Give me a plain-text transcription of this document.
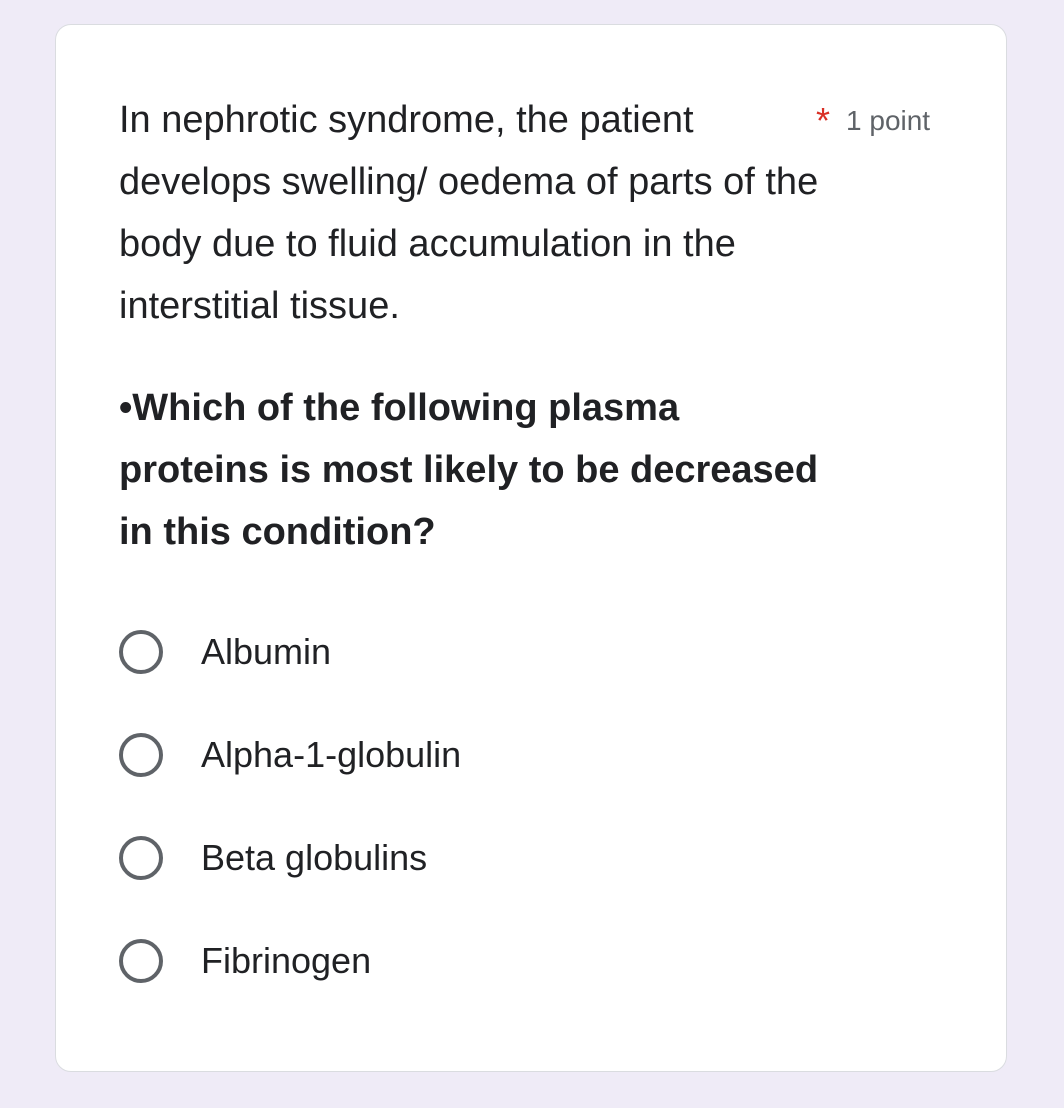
In nephrotic syndrome, the patient develops swelling/ oedema of parts of the body due to fluid accumulation in the interstitial tissue.

•Which of the following plasma proteins is most likely to be decreased in this condition?

* 1 point
Albumin
Alpha-1-globulin
Beta globulins
Fibrinogen
